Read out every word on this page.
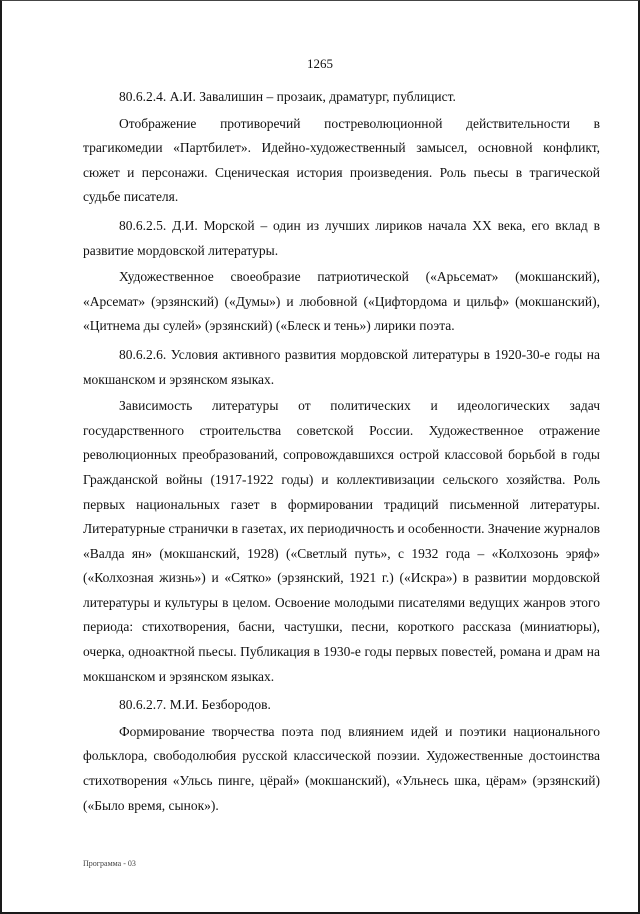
1265

80.6.2.4. А.И. Завалишин – прозаик, драматург, публицист.

Отображение противоречий постреволюционной действительности в трагикомедии «Партбилет». Идейно-художественный замысел, основной конфликт, сюжет и персонажи. Сценическая история произведения. Роль пьесы в трагической судьбе писателя.

80.6.2.5. Д.И. Морской – один из лучших лириков начала XX века, его вклад в развитие мордовской литературы.

Художественное своеобразие патриотической («Арьсемат» (мокшанский), «Арсемат» (эрзянский) («Думы») и любовной («Цифтордома и цильф» (мокшанский), «Цитнема ды сулей» (эрзянский) («Блеск и тень») лирики поэта.

80.6.2.6. Условия активного развития мордовской литературы в 1920-30-е годы на мокшанском и эрзянском языках.

Зависимость литературы от политических и идеологических задач государственного строительства советской России. Художественное отражение революционных преобразований, сопровождавшихся острой классовой борьбой в годы Гражданской войны (1917-1922 годы) и коллективизации сельского хозяйства. Роль первых национальных газет в формировании традиций письменной литературы. Литературные странички в газетах, их периодичность и особенности. Значение журналов «Валда ян» (мокшанский, 1928) («Светлый путь», с 1932 года – «Колхозонь эряф» («Колхозная жизнь») и «Сятко» (эрзянский, 1921 г.) («Искра») в развитии мордовской литературы и культуры в целом. Освоение молодыми писателями ведущих жанров этого периода: стихотворения, басни, частушки, песни, короткого рассказа (миниатюры), очерка, одноактной пьесы. Публикация в 1930-е годы первых повестей, романа и драм на мокшанском и эрзянском языках.

80.6.2.7. М.И. Безбородов.

Формирование творчества поэта под влиянием идей и поэтики национального фольклора, свободолюбия русской классической поэзии. Художественные достоинства стихотворения «Ульсь пинге, цёрай» (мокшанский), «Ульнесь шка, цёрам» (эрзянский) («Было время, сынок»).

Программа - 03
